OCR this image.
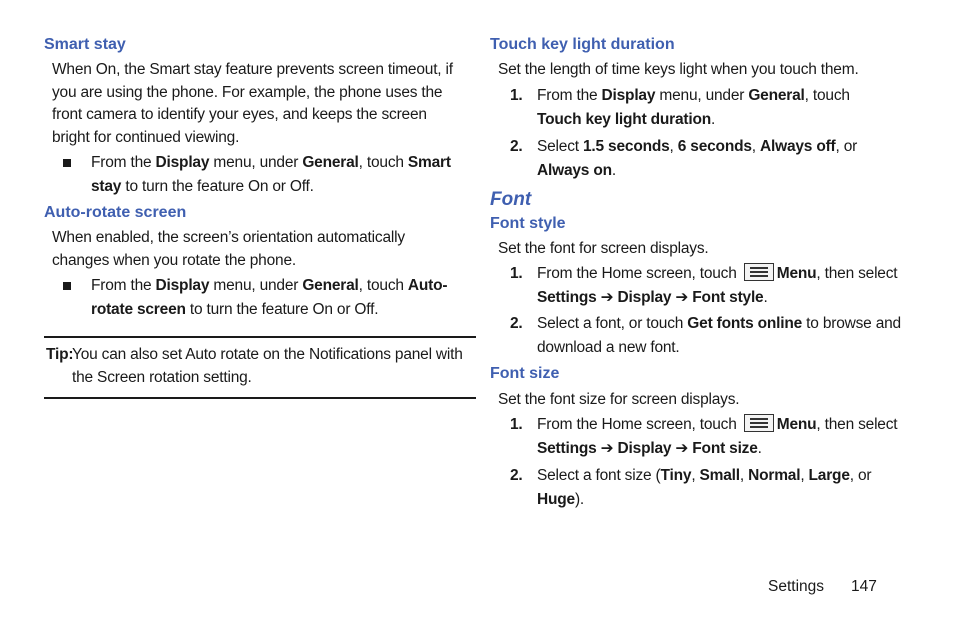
Smart stay

When On, the Smart stay feature prevents screen timeout, if you are using the phone. For example, the phone uses the front camera to identify your eyes, and keeps the screen bright for continued viewing.

From the Display menu, under General, touch Smart stay to turn the feature On or Off.
Auto-rotate screen

When enabled, the screen’s orientation automatically changes when you rotate the phone.

From the Display menu, under General, touch Auto-rotate screen to turn the feature On or Off.
Tip:
You can also set Auto rotate on the Notifications panel with the Screen rotation setting.
Touch key light duration

Set the length of time keys light when you touch them.

1. From the Display menu, under General, touch
Touch key light duration.
2. Select 1.5 seconds, 6 seconds, Always off, or Always on.
Font
Font style

Set the font for screen displays.

1. From the Home screen, touch
Menu, then select
Settings ➔ Display ➔ Font style.
2. Select a font, or touch Get fonts online to browse and download a new font.
Font size

Set the font size for screen displays.

1. From the Home screen, touch
Menu, then select
Settings ➔ Display ➔ Font size.
2. Select a font size (Tiny, Small, Normal, Large, or Huge).
Settings 147
